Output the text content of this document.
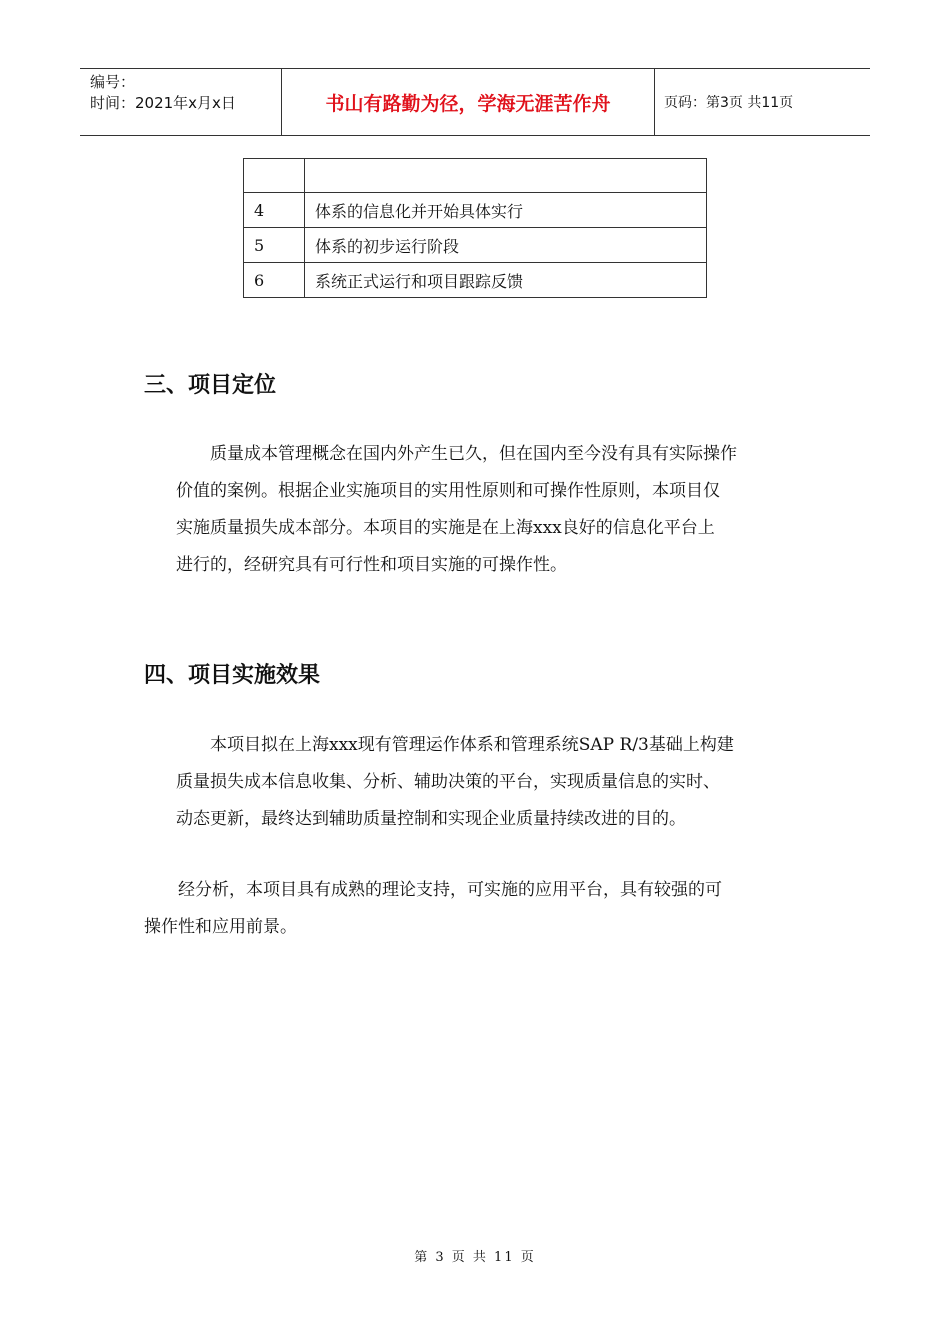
编号：
时间：2021年x月x日	书山有路勤为径，学海无涯苦作舟	页码：第3页 共11页

4	体系的信息化并开始具体实行
5	体系的初步运行阶段
6	系统正式运行和项目跟踪反馈
三、项目定位
质量成本管理概念在国内外产生已久，但在国内至今没有具有实际操作
价值的案例。根据企业实施项目的实用性原则和可操作性原则，本项目仅
实施质量损失成本部分。本项目的实施是在上海xxx良好的信息化平台上
进行的，经研究具有可行性和项目实施的可操作性。
四、项目实施效果
本项目拟在上海xxx现有管理运作体系和管理系统SAP R/3基础上构建
质量损失成本信息收集、分析、辅助决策的平台，实现质量信息的实时、
动态更新，最终达到辅助质量控制和实现企业质量持续改进的目的。
经分析，本项目具有成熟的理论支持，可实施的应用平台，具有较强的可
操作性和应用前景。
第 3 页 共 11 页
